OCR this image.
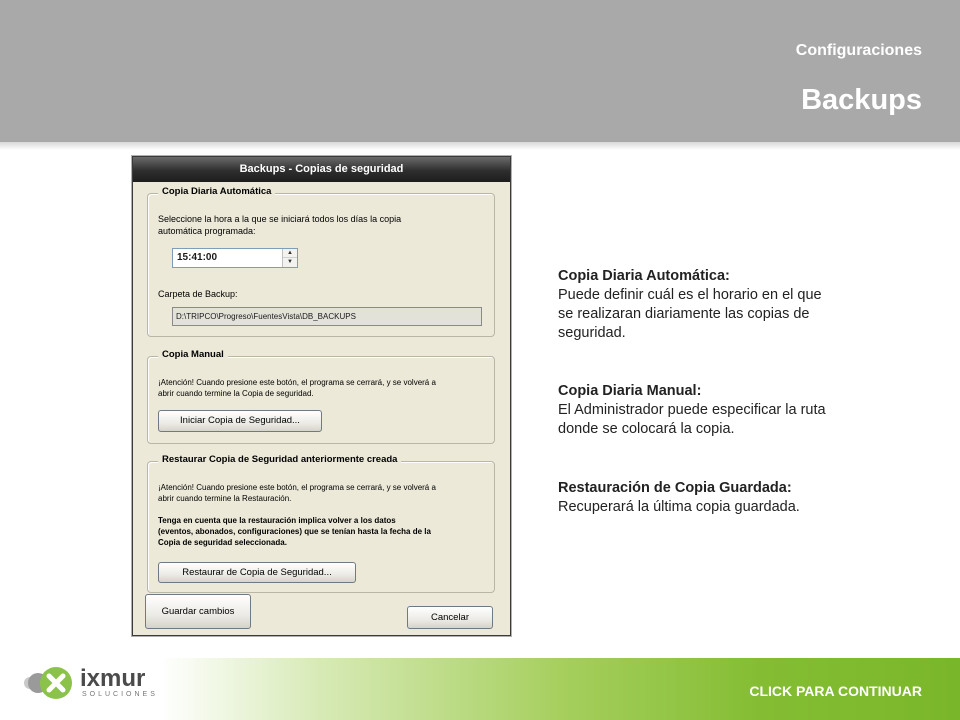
Configuraciones
Backups
Backups - Copias de seguridad
Copia Diaria Automática
Seleccione la hora a la que se iniciará todos los días la copia
automática programada:
15:41:00	▲
▼
Carpeta de Backup:
D:\TRIPCO\Progreso\FuentesVista\DB_BACKUPS
Copia Manual
¡Atención! Cuando presione este botón, el programa se cerrará, y se volverá a
abrir cuando termine la Copia de seguridad.
Iniciar Copia de Seguridad...
Restaurar Copia de Seguridad anteriormente creada
¡Atención! Cuando presione este botón, el programa se cerrará, y se volverá a
abrir cuando termine la Restauración.
Tenga en cuenta que la restauración implica volver a los datos
(eventos, abonados, configuraciones) que se tenían hasta la fecha de la
Copia de seguridad seleccionada.
Restaurar de Copia de Seguridad...
Guardar cambios
Cancelar
Copia Diaria Automática:
Puede definir cuál es el horario en el que se realizaran diariamente las copias de seguridad.
Copia Diaria Manual:
El Administrador puede especificar la ruta donde se colocará la copia.
Restauración de Copia Guardada:
Recuperará la última copia guardada.
ixmur
SOLUCIONES	CLICK PARA CONTINUAR
